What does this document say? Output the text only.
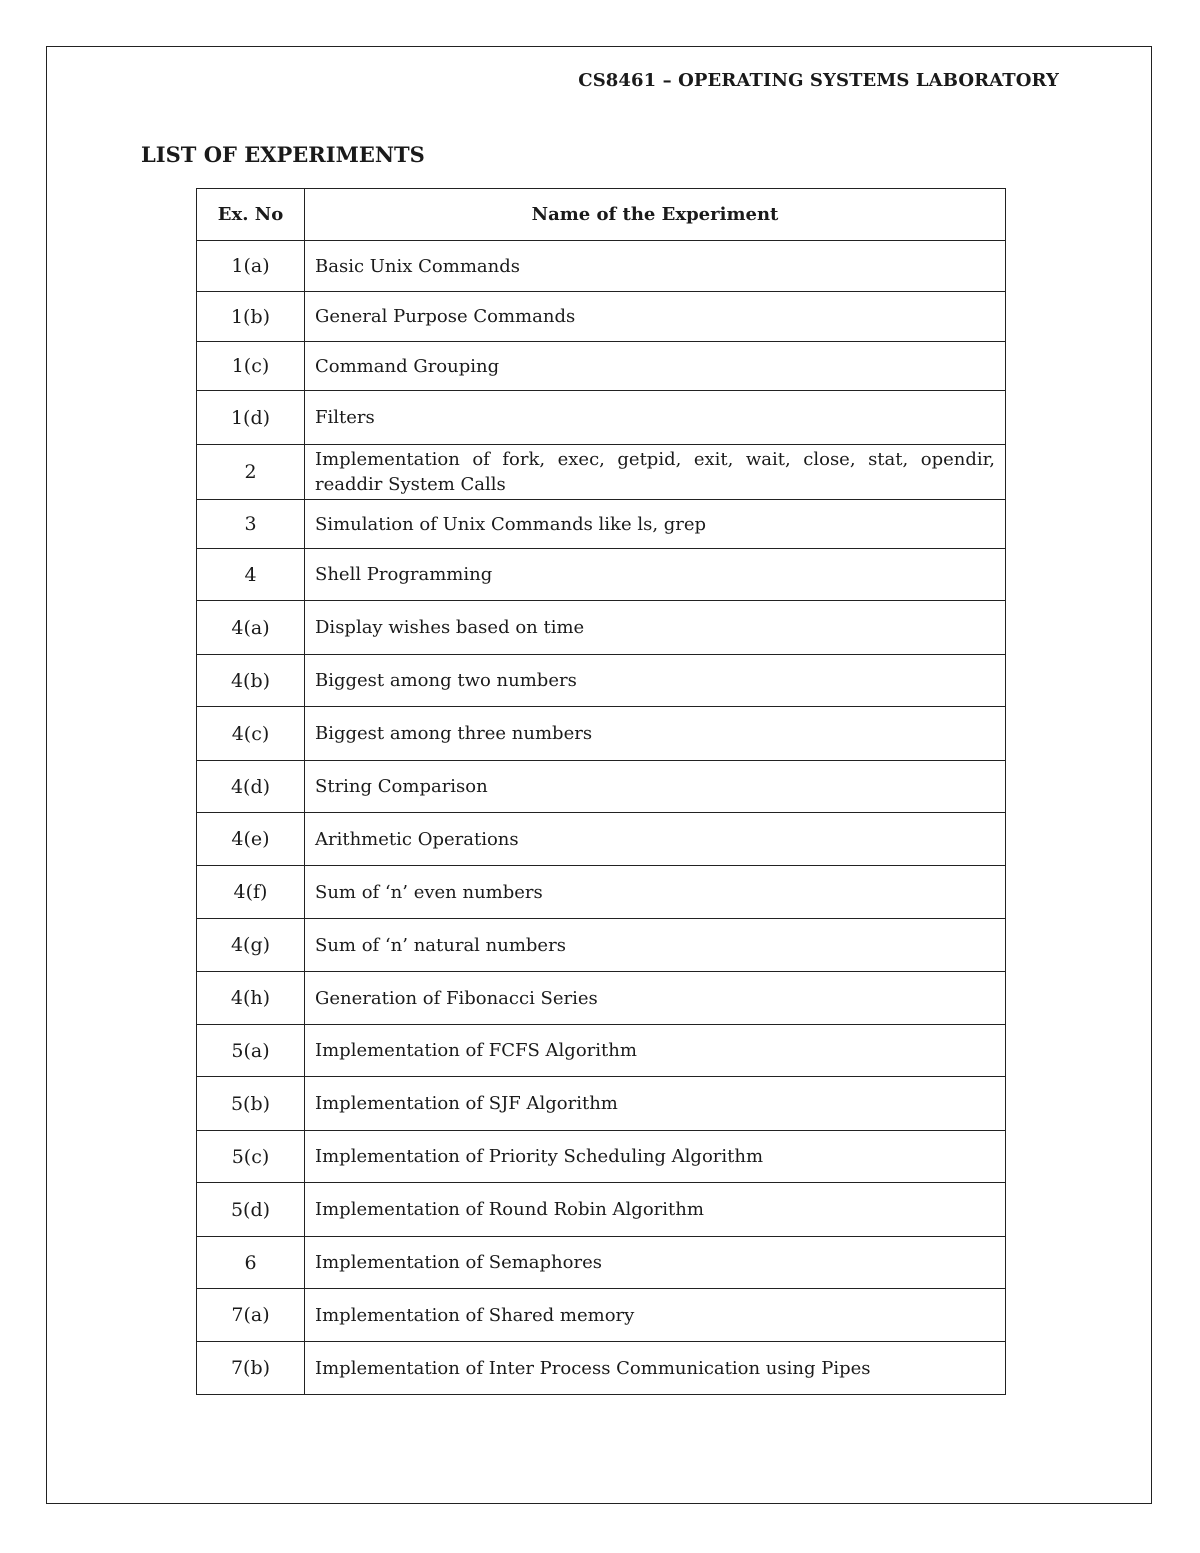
CS8461 – OPERATING SYSTEMS LABORATORY
LIST OF EXPERIMENTS
Ex. No	Name of the Experiment
1(a)	Basic Unix Commands
1(b)	General Purpose Commands
1(c)	Command Grouping
1(d)	Filters
2	Implementation of fork, exec, getpid, exit, wait, close, stat, opendir, readdir System Calls
3	Simulation of Unix Commands like ls, grep
4	Shell Programming
4(a)	Display wishes based on time
4(b)	Biggest among two numbers
4(c)	Biggest among three numbers
4(d)	String Comparison
4(e)	Arithmetic Operations
4(f)	Sum of ‘n’ even numbers
4(g)	Sum of ‘n’ natural numbers
4(h)	Generation of Fibonacci Series
5(a)	Implementation of FCFS Algorithm
5(b)	Implementation of SJF Algorithm
5(c)	Implementation of Priority Scheduling Algorithm
5(d)	Implementation of Round Robin Algorithm
6	Implementation of Semaphores
7(a)	Implementation of Shared memory
7(b)	Implementation of Inter Process Communication using Pipes
